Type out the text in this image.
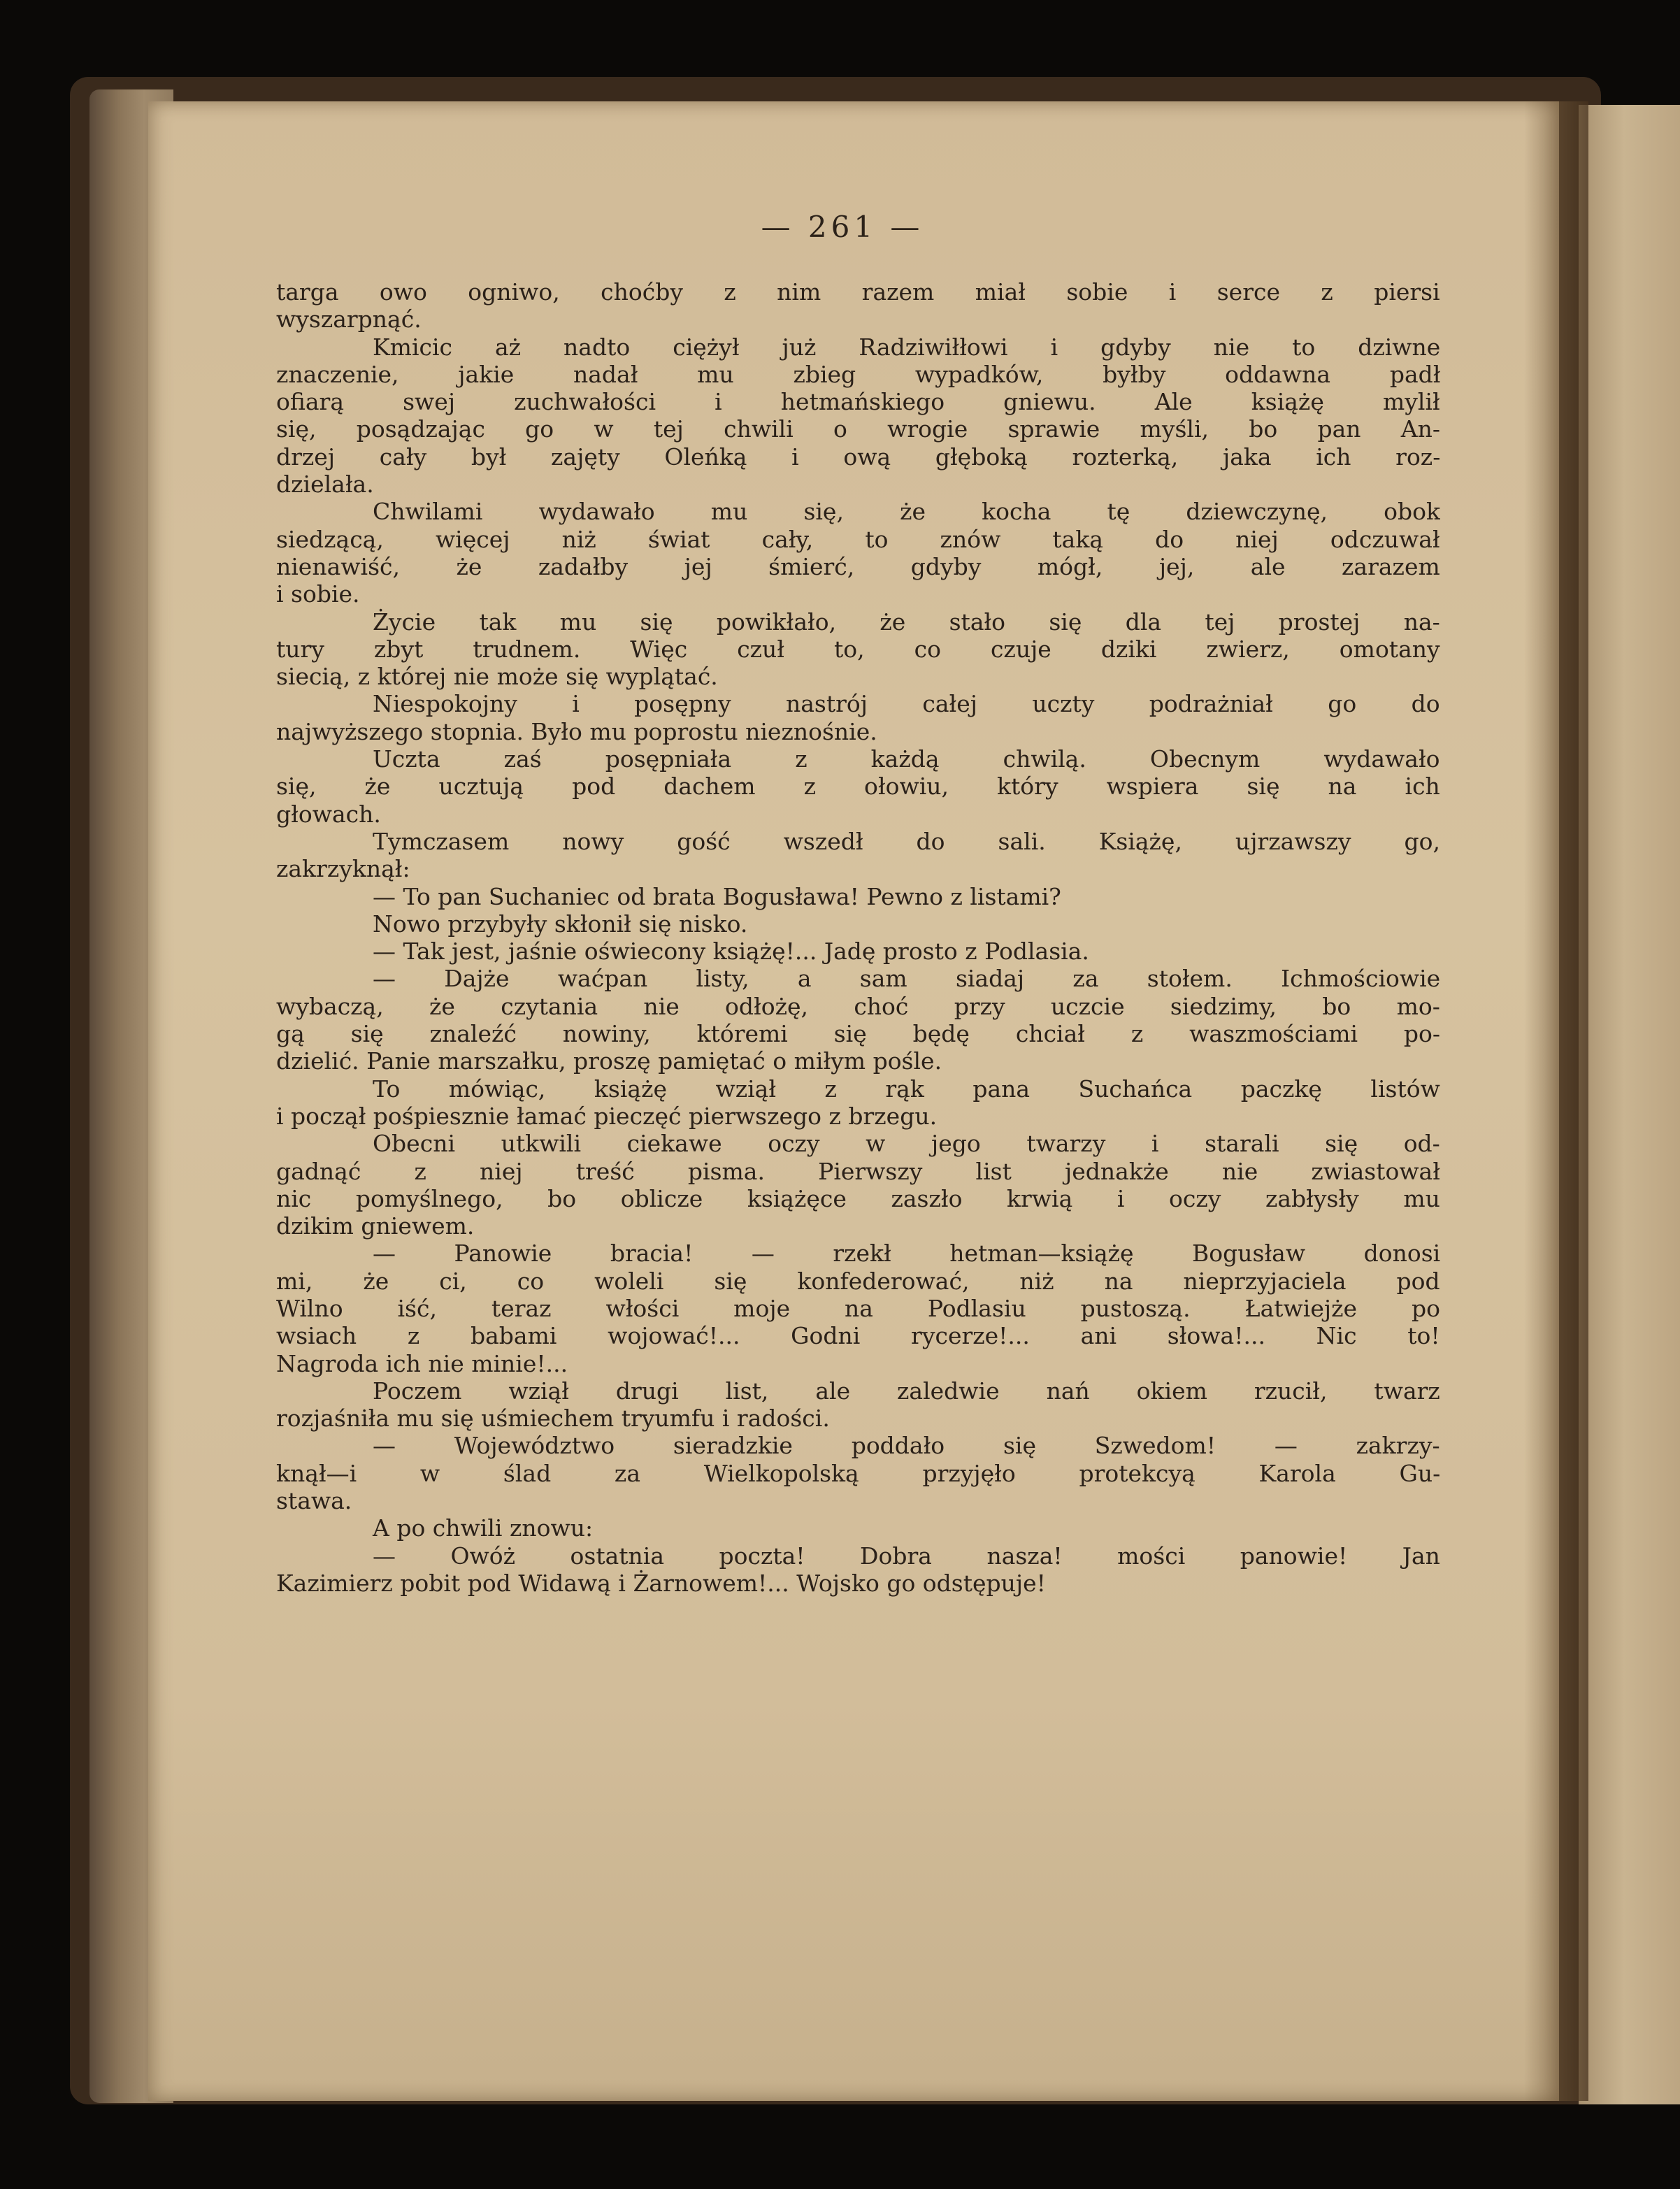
— 261 —
targa owo ogniwo, choćby z nim razem miał sobie i serce z piersi
wyszarpnąć.
Kmicic aż nadto ciężył już Radziwiłłowi i gdyby nie to dziwne
znaczenie, jakie nadał mu zbieg wypadków, byłby oddawna padł
ofiarą swej zuchwałości i hetmańskiego gniewu. Ale książę mylił
się, posądzając go w tej chwili o wrogie sprawie myśli, bo pan An-
drzej cały był zajęty Oleńką i ową głęboką rozterką, jaka ich roz-
dzielała.
Chwilami wydawało mu się, że kocha tę dziewczynę, obok
siedzącą, więcej niż świat cały, to znów taką do niej odczuwał
nienawiść, że zadałby jej śmierć, gdyby mógł, jej, ale zarazem
i sobie.
Życie tak mu się powikłało, że stało się dla tej prostej na-
tury zbyt trudnem. Więc czuł to, co czuje dziki zwierz, omotany
siecią, z której nie może się wyplątać.
Niespokojny i posępny nastrój całej uczty podrażniał go do
najwyższego stopnia. Było mu poprostu nieznośnie.
Uczta zaś posępniała z każdą chwilą. Obecnym wydawało
się, że ucztują pod dachem z ołowiu, który wspiera się na ich
głowach.
Tymczasem nowy gość wszedł do sali. Książę, ujrzawszy go,
zakrzyknął:
— To pan Suchaniec od brata Bogusława! Pewno z listami?
Nowo przybyły skłonił się nisko.
— Tak jest, jaśnie oświecony książę!... Jadę prosto z Podlasia.
— Dajże waćpan listy, a sam siadaj za stołem. Ichmościowie
wybaczą, że czytania nie odłożę, choć przy uczcie siedzimy, bo mo-
gą się znaleźć nowiny, któremi się będę chciał z waszmościami po-
dzielić. Panie marszałku, proszę pamiętać o miłym pośle.
To mówiąc, książę wziął z rąk pana Suchańca paczkę listów
i począł pośpiesznie łamać pieczęć pierwszego z brzegu.
Obecni utkwili ciekawe oczy w jego twarzy i starali się od-
gadnąć z niej treść pisma. Pierwszy list jednakże nie zwiastował
nic pomyślnego, bo oblicze książęce zaszło krwią i oczy zabłysły mu
dzikim gniewem.
— Panowie bracia! — rzekł hetman—książę Bogusław donosi
mi, że ci, co woleli się konfederować, niż na nieprzyjaciela pod
Wilno iść, teraz włości moje na Podlasiu pustoszą. Łatwiejże po
wsiach z babami wojować!... Godni rycerze!... ani słowa!... Nic to!
Nagroda ich nie minie!...
Poczem wziął drugi list, ale zaledwie nań okiem rzucił, twarz
rozjaśniła mu się uśmiechem tryumfu i radości.
— Województwo sieradzkie poddało się Szwedom! — zakrzy-
knął—i w ślad za Wielkopolską przyjęło protekcyą Karola Gu-
stawa.
A po chwili znowu:
— Owóż ostatnia poczta! Dobra nasza! mości panowie! Jan
Kazimierz pobit pod Widawą i Żarnowem!... Wojsko go odstępuje!
